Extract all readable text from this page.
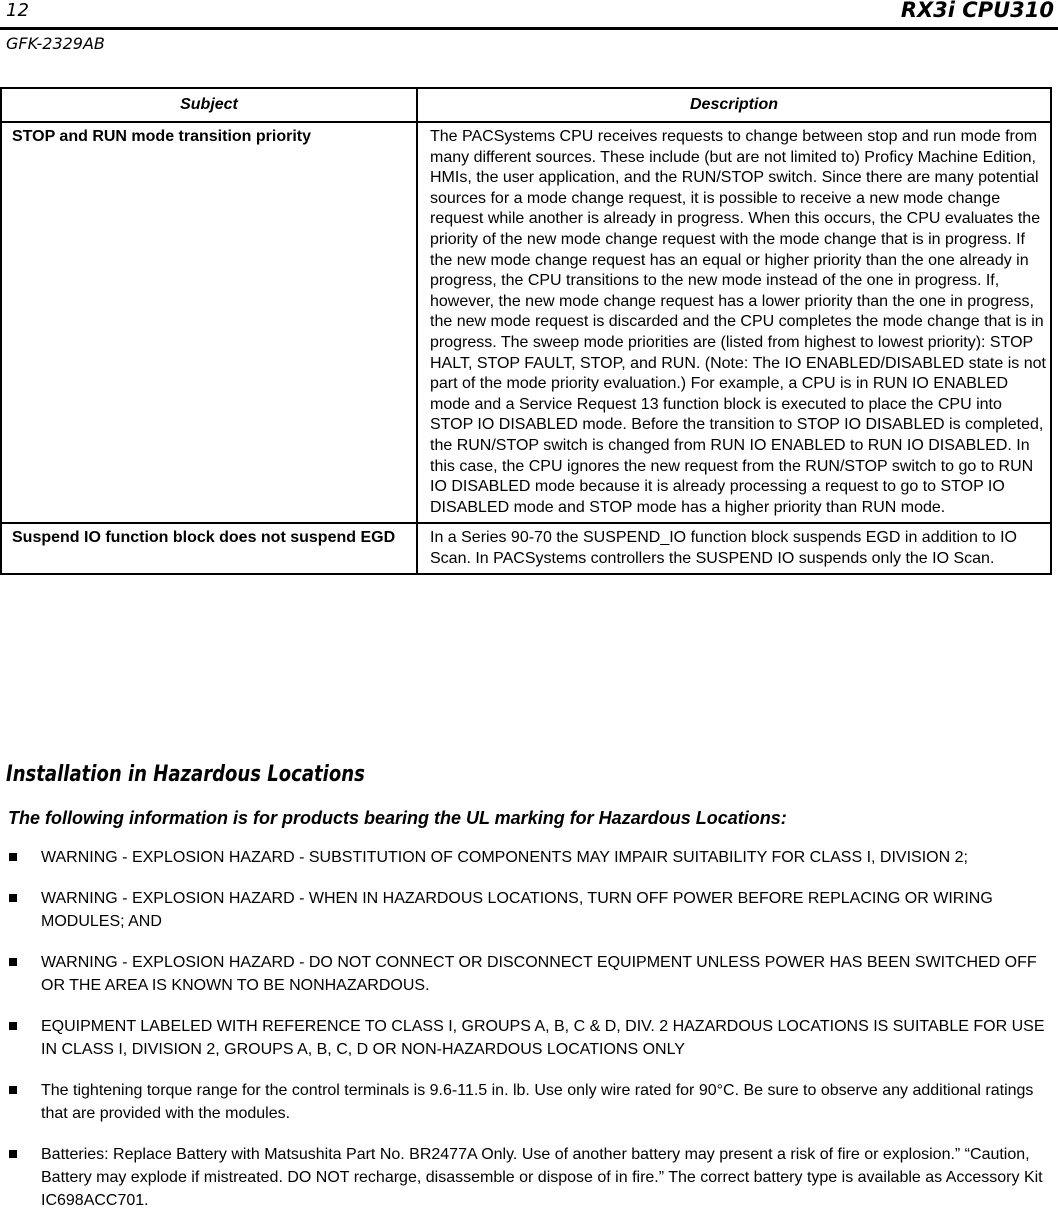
12	RX3i CPU310
GFK-2329AB
Subject	Description
STOP and RUN mode transition priority	The PACSystems CPU receives requests to change between stop and run mode from many different sources. These include (but are not limited to) Proficy Machine Edition, HMIs, the user application, and the RUN/STOP switch. Since there are many potential sources for a mode change request, it is possible to receive a new mode change request while another is already in progress. When this occurs, the CPU evaluates the priority of the new mode change request with the mode change that is in progress. If the new mode change request has an equal or higher priority than the one already in progress, the CPU transitions to the new mode instead of the one in progress. If, however, the new mode change request has a lower priority than the one in progress, the new mode request is discarded and the CPU completes the mode change that is in progress. The sweep mode priorities are (listed from highest to lowest priority): STOP HALT, STOP FAULT, STOP, and RUN. (Note: The IO ENABLED/DISABLED state is not part of the mode priority evaluation.) For example, a CPU is in RUN IO ENABLED mode and a Service Request 13 function block is executed to place the CPU into STOP IO DISABLED mode. Before the transition to STOP IO DISABLED is completed, the RUN/STOP switch is changed from RUN IO ENABLED to RUN IO DISABLED. In this case, the CPU ignores the new request from the RUN/STOP switch to go to RUN IO DISABLED mode because it is already processing a request to go to STOP IO DISABLED mode and STOP mode has a higher priority than RUN mode.
Suspend IO function block does not suspend EGD	In a Series 90-70 the SUSPEND_IO function block suspends EGD in addition to IO Scan. In PACSystems controllers the SUSPEND IO suspends only the IO Scan.
Installation in Hazardous Locations
The following information is for products bearing the UL marking for Hazardous Locations:
WARNING - EXPLOSION HAZARD - SUBSTITUTION OF COMPONENTS MAY IMPAIR SUITABILITY FOR CLASS I, DIVISION 2;
WARNING - EXPLOSION HAZARD - WHEN IN HAZARDOUS LOCATIONS, TURN OFF POWER BEFORE REPLACING OR WIRING MODULES; AND
WARNING - EXPLOSION HAZARD - DO NOT CONNECT OR DISCONNECT EQUIPMENT UNLESS POWER HAS BEEN SWITCHED OFF OR THE AREA IS KNOWN TO BE NONHAZARDOUS.
EQUIPMENT LABELED WITH REFERENCE TO CLASS I, GROUPS A, B, C & D, DIV. 2 HAZARDOUS LOCATIONS IS SUITABLE FOR USE IN CLASS I, DIVISION 2, GROUPS A, B, C, D OR NON-HAZARDOUS LOCATIONS ONLY
The tightening torque range for the control terminals is 9.6-11.5 in. lb. Use only wire rated for 90°C. Be sure to observe any additional ratings that are provided with the modules.
Batteries: Replace Battery with Matsushita Part No. BR2477A Only. Use of another battery may present a risk of fire or explosion.” “Caution, Battery may explode if mistreated. DO NOT recharge, disassemble or dispose of in fire.” The correct battery type is available as Accessory Kit IC698ACC701.
